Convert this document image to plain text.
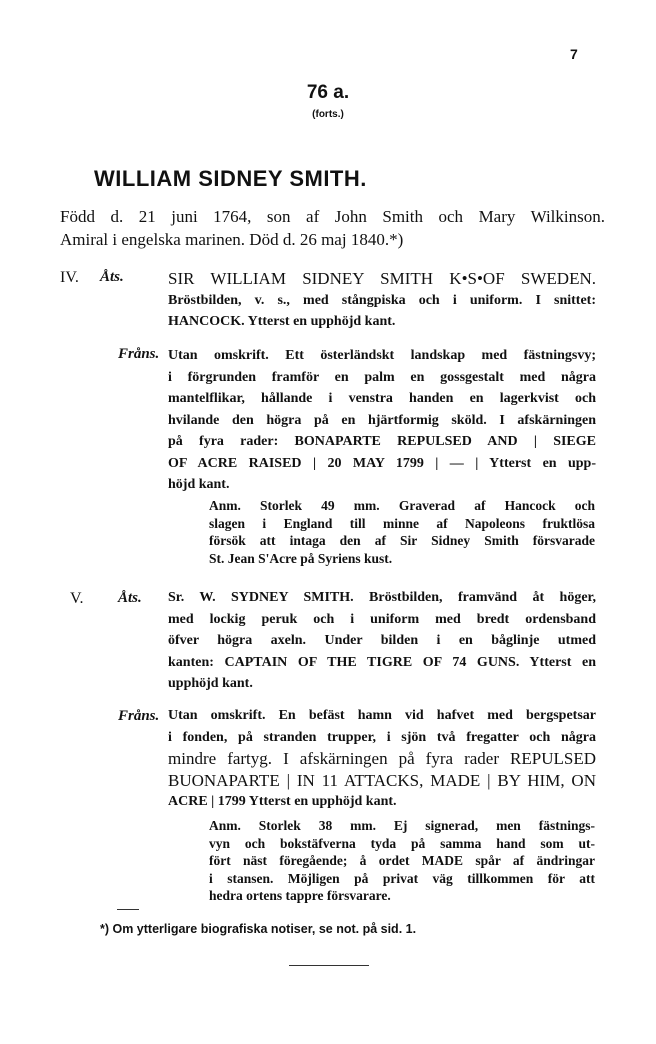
7
76 a.
(forts.)
WILLIAM SIDNEY SMITH.
Född d. 21 juni 1764, son af John Smith och Mary Wilkinson.
Amiral i engelska marinen. Död d. 26 maj 1840.*)
IV. Åts.	SIR WILLIAM SIDNEY SMITH K•S•OF SWEDEN.
Bröstbilden, v. s., med stångpiska och i uniform. I snittet:
HANCOCK. Ytterst en upphöjd kant.
Fråns. Utan omskrift. Ett österländskt landskap med fästningsvy;
i förgrunden framför en palm en gossgestalt med några
mantelflikar, hållande i venstra handen en lagerkvist och
hvilande den högra på en hjärtformig sköld. I afskärningen
på fyra rader: BONAPARTE REPULSED AND | SIEGE
OF ACRE RAISED | 20 MAY 1799 | — | Ytterst en upp-
höjd kant.
Anm. Storlek 49 mm. Graverad af Hancock och
slagen i England till minne af Napoleons fruktlösa
försök att intaga den af Sir Sidney Smith försvarade
St. Jean S'Acre på Syriens kust.
V. Åts. Sr. W. SYDNEY SMITH. Bröstbilden, framvänd åt höger,
med lockig peruk och i uniform med bredt ordensband
öfver högra axeln. Under bilden i en båglinje utmed
kanten: CAPTAIN OF THE TIGRE OF 74 GUNS. Ytterst en
upphöjd kant.
Fråns. Utan omskrift. En befäst hamn vid hafvet med bergspetsar
i fonden, på stranden trupper, i sjön två fregatter och några
mindre fartyg. I afskärningen på fyra rader REPULSED
BUONAPARTE | IN 11 ATTACKS, MADE | BY HIM, ON
ACRE | 1799 Ytterst en upphöjd kant.
Anm. Storlek 38 mm. Ej signerad, men fästnings-
vyn och bokstäfverna tyda på samma hand som ut-
fört näst föregående; å ordet MADE spår af ändringar
i stansen. Möjligen på privat väg tillkommen för att
hedra ortens tappre försvarare.
*) Om ytterligare biografiska notiser, se not. på sid. 1.
